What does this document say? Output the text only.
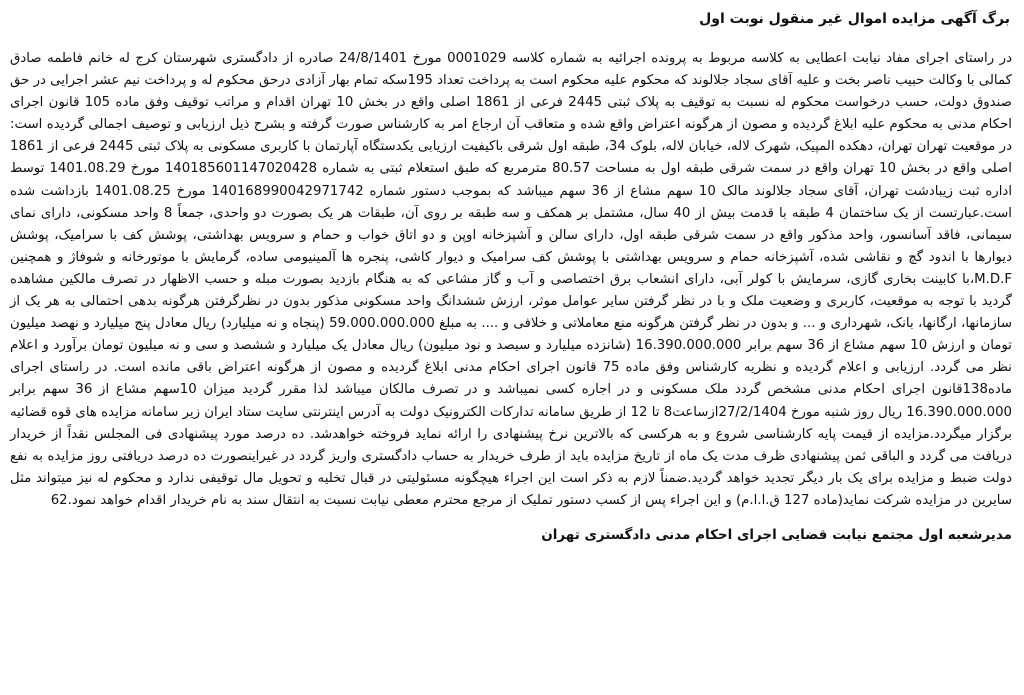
برگ آگهی مزایده اموال غیر منقول نوبت اول

در راستای اجرای مفاد نیابت اعطایی به کلاسه مربوط به پرونده اجرائیه به شماره کلاسه 0001029 مورخ 24/8/1401 صادره از دادگستری شهرستان کرج له خانم فاطمه صادق کمالی با وکالت حبیب ناصر بخت و علیه آقای سجاد جلالوند که محکوم علیه محکوم است به پرداخت تعداد 195سکه تمام بهار آزادی درحق محکوم له و پرداخت نیم عشر اجرایی در حق صندوق دولت، حسب درخواست محکوم له نسبت به توقیف به پلاک ثبتی 2445 فرعی از 1861 اصلی واقع در بخش 10 تهران اقدام و مراتب توقیف وفق ماده 105 قانون اجرای احکام مدنی به محکوم علیه ابلاغ گردیده و مصون از هرگونه اعتراض واقع شده و متعاقب آن ارجاع امر به کارشناس صورت گرفته و بشرح ذیل ارزیابی و توصیف اجمالی گردیده است: در موقعیت تهران تهران، دهکده المپیک، شهرک لاله، خیابان لاله، بلوک 34، طبقه اول شرقی باکیفیت ارزیابی یکدستگاه آپارتمان با کاربری مسکونی به پلاک ثبتی 2445 فرعی از 1861 اصلی واقع در بخش 10 تهران واقع در سمت شرقی طبقه اول به مساحت 80.57 مترمربع که طبق استعلام ثبتی به شماره 140185601147020428 مورخ 1401.08.29 توسط اداره ثبت زیبادشت تهران، آقای سجاد جلالوند مالک 10 سهم مشاع از 36 سهم میباشد که بموجب دستور شماره 140168990042971742 مورخ 1401.08.25 بازداشت شده است.عبارتست از یک ساختمان 4 طبقه با قدمت بیش از 40 سال، مشتمل بر همکف و سه طبقه بر روی آن، طبقات هر یک بصورت دو واحدی، جمعاً 8 واحد مسکونی، دارای نمای سیمانی، فاقد آسانسور، واحد مذکور واقع در سمت شرقی طبقه اول، دارای سالن و آشپزخانه اوپن و دو اتاق خواب و حمام و سرویس بهداشتی، پوشش کف با سرامیک، پوشش دیوارها با اندود گچ و نقاشی شده، آشپزخانه حمام و سرویس بهداشتی با پوشش کف سرامیک و دیوار کاشی، پنجره ها آلمینیومی ساده، گرمایش با موتورخانه و شوفاژ و همچنین M.D.F،با کابینت بخاری گازی، سرمایش با کولر آبی، دارای انشعاب برق اختصاصی و آب و گاز مشاعی که به هنگام بازدید بصورت مبله و حسب الاظهار در تصرف مالکین مشاهده گردید با توجه به موقعیت، کاربری و وضعیت ملک و با در نظر گرفتن سایر عوامل موثر، ارزش ششدانگ واحد مسکونی مذکور بدون در نظرگرفتن هرگونه بدهی احتمالی به هر یک از سازمانها، ارگانها، بانک، شهرداری و ... و بدون در نظر گرفتن هرگونه منع معاملاتی و خلافی و .... به مبلغ 59.000.000.000 (پنجاه و نه میلیارد) ریال معادل پنج میلیارد و نهصد میلیون تومان و ارزش 10 سهم مشاع از 36 سهم برابر 16.390.000.000 (شانزده میلیارد و سیصد و نود میلیون) ریال معادل یک میلیارد و ششصد و سی و نه میلیون تومان برآورد و اعلام نظر می گردد. ارزیابی و اعلام گردیده و نظریه کارشناس وفق ماده 75 قانون اجرای احکام مدنی ابلاغ گردیده و مصون از هرگونه اعتراض باقی مانده است. در راستای اجرای ماده138قانون اجرای احکام مدنی مشخص گردد ملک مسکونی و در اجاره کسی نمیباشد و در تصرف مالکان میباشد لذا مقرر گردید میزان 10سهم مشاع از 36 سهم برابر 16.390.000.000 ریال روز شنبه مورخ 27/2/1404ازساعت8 تا 12 از طریق سامانه تدارکات الکترونیک دولت به آدرس اینترنتی سایت ستاد ایران زیر سامانه مزایده های قوه قضائیه برگزار میگردد.مزایده از قیمت پایه کارشناسی شروع و به هرکسی که بالاترین نرخ پیشنهادی را ارائه نماید فروخته خواهدشد. ده درصد مورد پیشنهادی فی المجلس نقداً از خریدار دریافت می گردد و الباقی ثمن پیشنهادی ظرف مدت یک ماه از تاریخ مزایده باید از طرف خریدار به حساب دادگستری واریز گردد در غیراینصورت ده درصد دریافتی روز مزایده به نفع دولت ضبط و مزایده برای یک بار دیگر تجدید خواهد گردید.ضمناً لازم به ذکر است این اجراء هیچگونه مسئولیتی در قبال تخلیه و تحویل مال توقیفی ندارد و محکوم له نیز میتواند مثل سایرین در مزایده شرکت نماید(ماده 127 ق.ا.ا.م) و این اجراء پس از کسب دستور تملیک از مرجع محترم معطی نیابت نسبت به انتقال سند به نام خریدار اقدام خواهد نمود.62

مدیرشعبه اول مجتمع نیابت قضایی اجرای احکام مدنی دادگستری تهران
